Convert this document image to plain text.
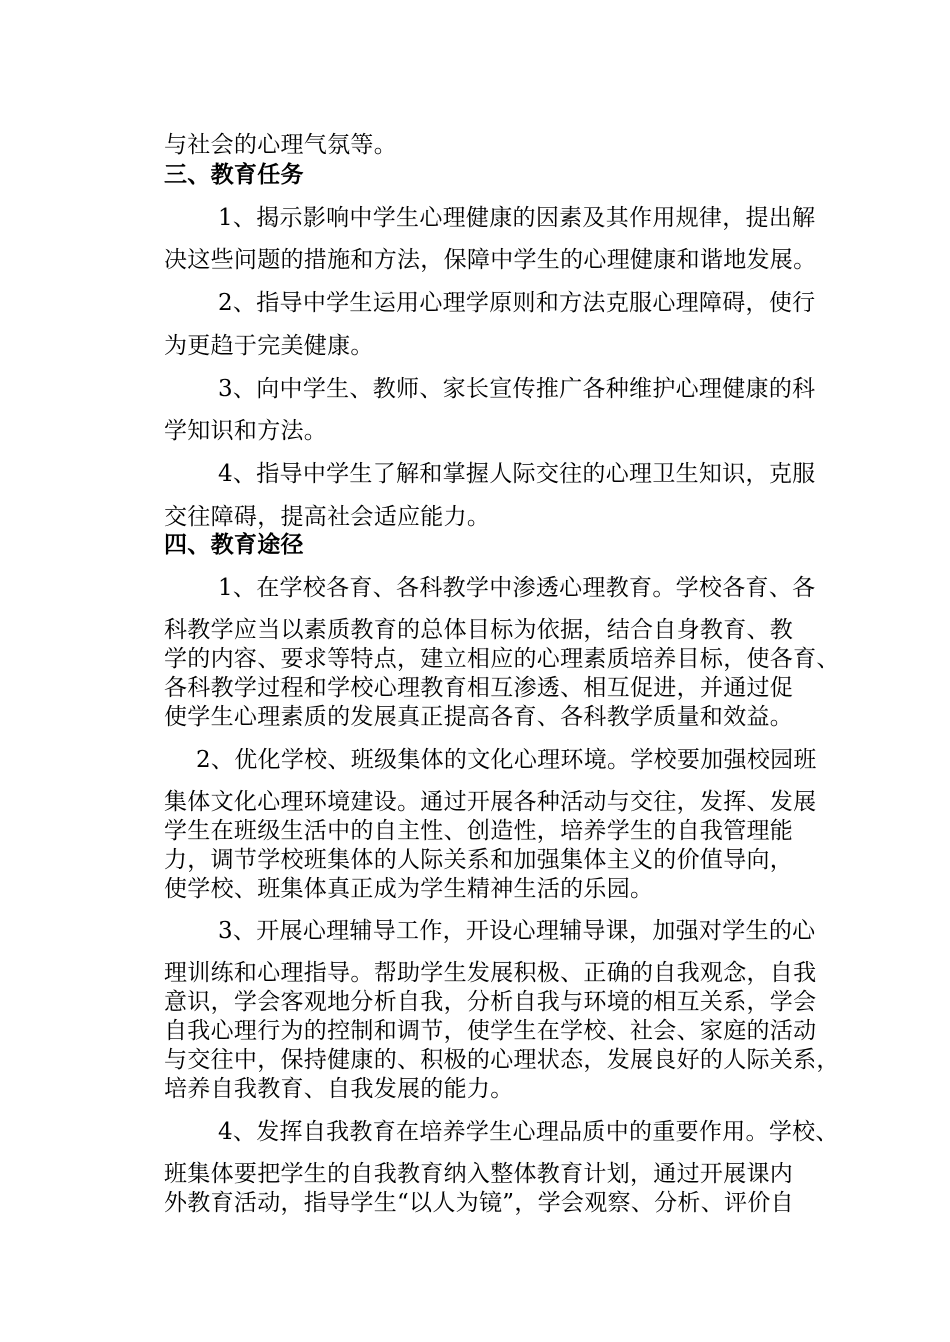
与社会的心理气氛等。
三、教育任务
1、揭示影响中学生心理健康的因素及其作用规律，提出解
决这些问题的措施和方法，保障中学生的心理健康和谐地发展。
2、指导中学生运用心理学原则和方法克服心理障碍，使行
为更趋于完美健康。
3、向中学生、教师、家长宣传推广各种维护心理健康的科
学知识和方法。
4、指导中学生了解和掌握人际交往的心理卫生知识，克服
交往障碍，提高社会适应能力。
四、教育途径
1、在学校各育、各科教学中渗透心理教育。学校各育、各
科教学应当以素质教育的总体目标为依据，结合自身教育、教
学的内容、要求等特点，建立相应的心理素质培养目标，使各育、
各科教学过程和学校心理教育相互渗透、相互促进，并通过促
使学生心理素质的发展真正提高各育、各科教学质量和效益。
2、优化学校、班级集体的文化心理环境。学校要加强校园班
集体文化心理环境建设。通过开展各种活动与交往，发挥、发展
学生在班级生活中的自主性、创造性，培养学生的自我管理能
力，调节学校班集体的人际关系和加强集体主义的价值导向，
使学校、班集体真正成为学生精神生活的乐园。
3、开展心理辅导工作，开设心理辅导课，加强对学生的心
理训练和心理指导。帮助学生发展积极、正确的自我观念，自我
意识，学会客观地分析自我，分析自我与环境的相互关系，学会
自我心理行为的控制和调节，使学生在学校、社会、家庭的活动
与交往中，保持健康的、积极的心理状态，发展良好的人际关系，
培养自我教育、自我发展的能力。
4、发挥自我教育在培养学生心理品质中的重要作用。学校、
班集体要把学生的自我教育纳入整体教育计划，通过开展课内
外教育活动，指导学生“以人为镜”，学会观察、分析、评价自
